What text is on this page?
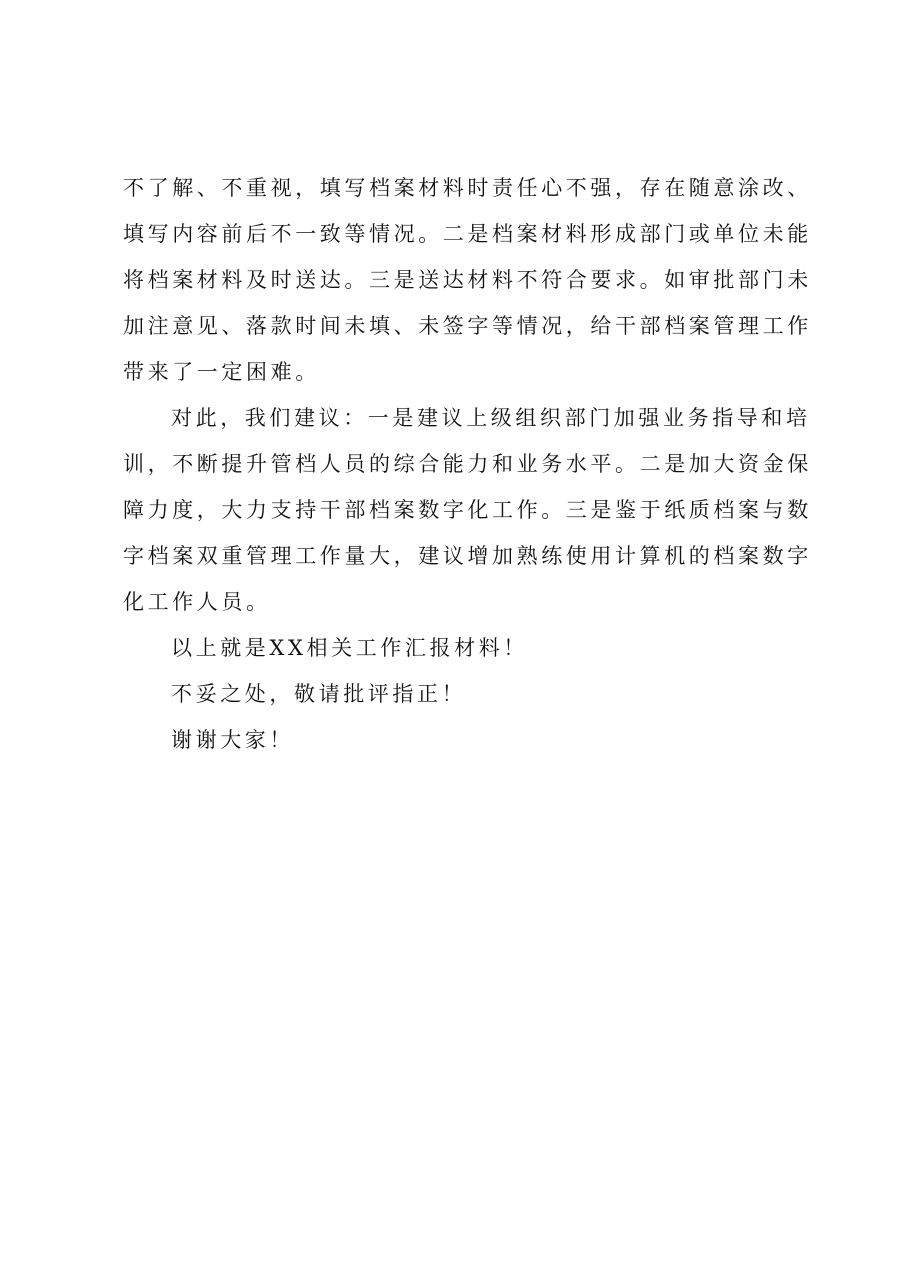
不了解、不重视，填写档案材料时责任心不强，存在随意涂改、
填写内容前后不一致等情况。二是档案材料形成部门或单位未能
将档案材料及时送达。三是送达材料不符合要求。如审批部门未
加注意见、落款时间未填、未签字等情况，给干部档案管理工作
带来了一定困难。
对此，我们建议：一是建议上级组织部门加强业务指导和培
训，不断提升管档人员的综合能力和业务水平。二是加大资金保
障力度，大力支持干部档案数字化工作。三是鉴于纸质档案与数
字档案双重管理工作量大，建议增加熟练使用计算机的档案数字
化工作人员。
以上就是XX相关工作汇报材料！
不妥之处，敬请批评指正！
谢谢大家！
